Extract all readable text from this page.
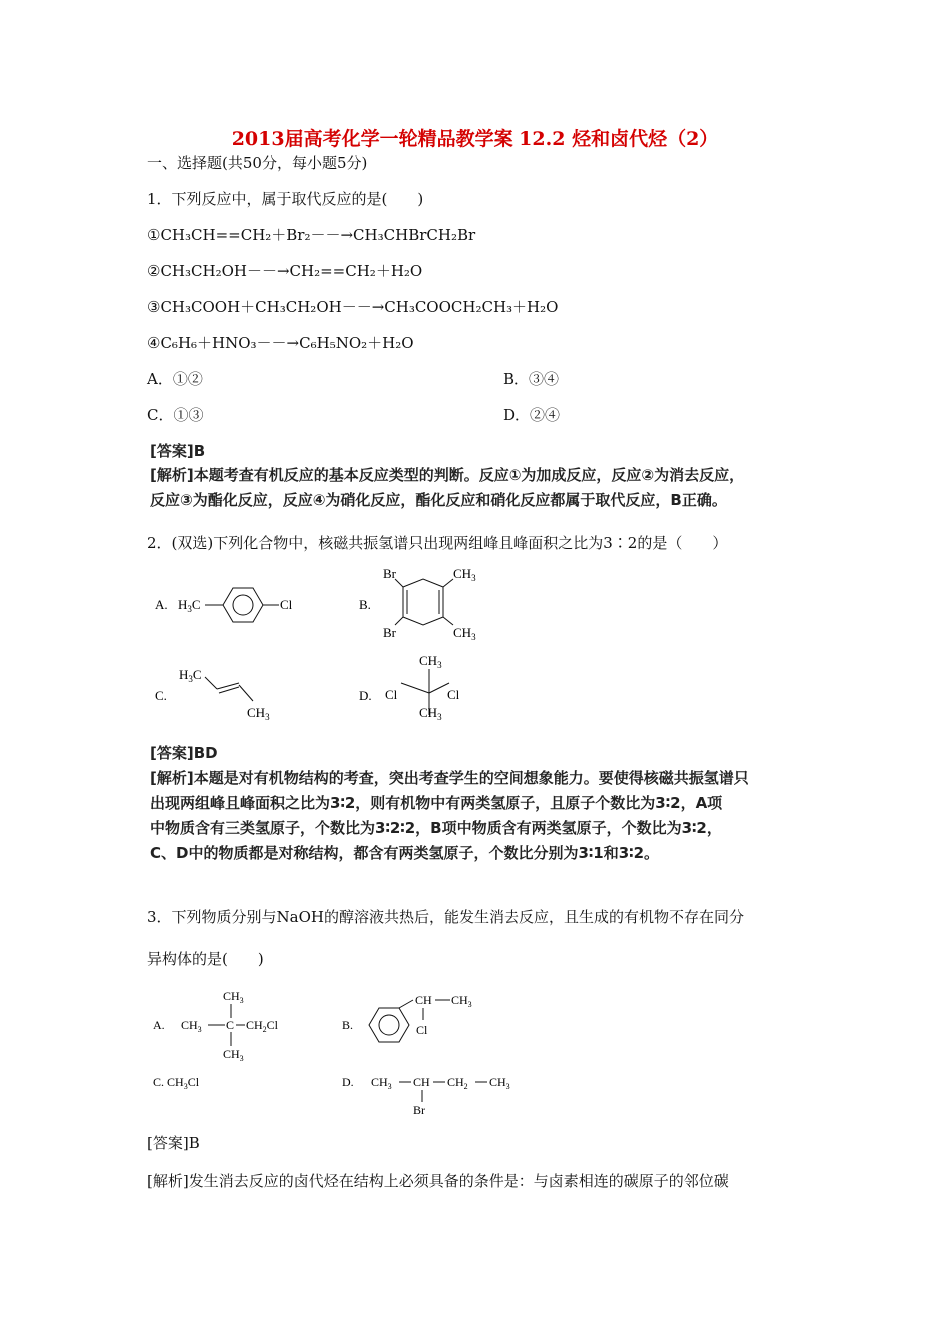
2013届高考化学一轮精品教学案 12.2 烃和卤代烃（2）
一、选择题(共50分，每小题5分)
1．下列反应中，属于取代反应的是(　　)
①CH₃CH==CH₂＋Br₂－－→CH₃CHBrCH₂Br
②CH₃CH₂OH－－→CH₂==CH₂＋H₂O
③CH₃COOH＋CH₃CH₂OH－－→CH₃COOCH₂CH₃＋H₂O
④C₆H₆＋HNO₃－－→C₆H₅NO₂＋H₂O
A．①②	B．③④
C．①③	D．②④
[答案]B
[解析]本题考查有机反应的基本反应类型的判断。反应①为加成反应，反应②为消去反应，
反应③为酯化反应，反应④为硝化反应，酯化反应和硝化反应都属于取代反应，B正确。
2．(双选)下列化合物中，核磁共振氢谱只出现两组峰且峰面积之比为3∶2的是（　　）
A. $H_3C$	Cl	B.
Br
Br
$CH_3$
$CH_3$
C.
$H_3C$
$CH_3$
D.
$CH_3$
Cl	Cl
$CH_3$
[答案]BD
[解析]本题是对有机物结构的考查，突出考查学生的空间想象能力。要使得核磁共振氢谱只
出现两组峰且峰面积之比为3∶2，则有机物中有两类氢原子，且原子个数比为3∶2，A项
中物质含有三类氢原子，个数比为3∶2∶2，B项中物质含有两类氢原子，个数比为3∶2，
C、D中的物质都是对称结构，都含有两类氢原子，个数比分别为3∶1和3∶2。
3．下列物质分别与NaOH的醇溶液共热后，能发生消去反应，且生成的有机物不存在同分
异构体的是(　　)
A.
$CH_3$
$CH_3$ C $CH_2Cl$
$CH_3$
B.
CH $CH_3$
Cl
C. $CH_3Cl$	D. $CH_3$ CH $CH_2$ $CH_3$
Br
[答案]B
[解析]发生消去反应的卤代烃在结构上必须具备的条件是：与卤素相连的碳原子的邻位碳
